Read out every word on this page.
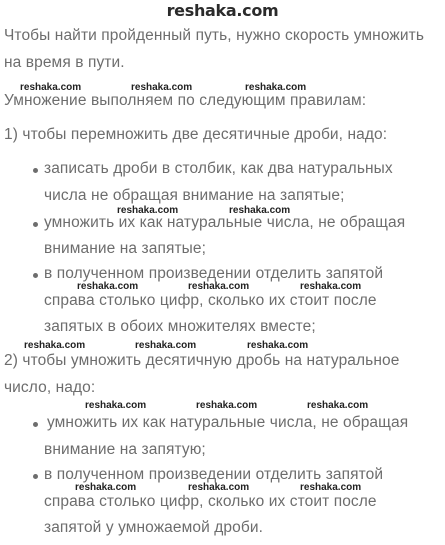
reshaka.com
Чтобы найти пройденный путь, нужно скорость умножить
на время в пути.
reshaka.com	reshaka.com	reshaka.com
Умножение выполняем по следующим правилам:
1) чтобы перемножить две десятичные дроби, надо:
записать дроби в столбик, как два натуральных
числа не обращая внимание на запятые;
reshaka.com	reshaka.com
умножить их как натуральные числа, не обращая
внимание на запятые;
в полученном произведении отделить запятой
reshaka.com	reshaka.com	reshaka.com
справа столько цифр, сколько их стоит после
запятых в обоих множителях вместе;
reshaka.com	reshaka.com	reshaka.com
2) чтобы умножить десятичную дробь на натуральное
число, надо:
reshaka.com	reshaka.com	reshaka.com
умножить их как натуральные числа, не обращая
внимание на запятую;
в полученном произведении отделить запятой
reshaka.com	reshaka.com	reshaka.com
справа столько цифр, сколько их стоит после
запятой у умножаемой дроби.
